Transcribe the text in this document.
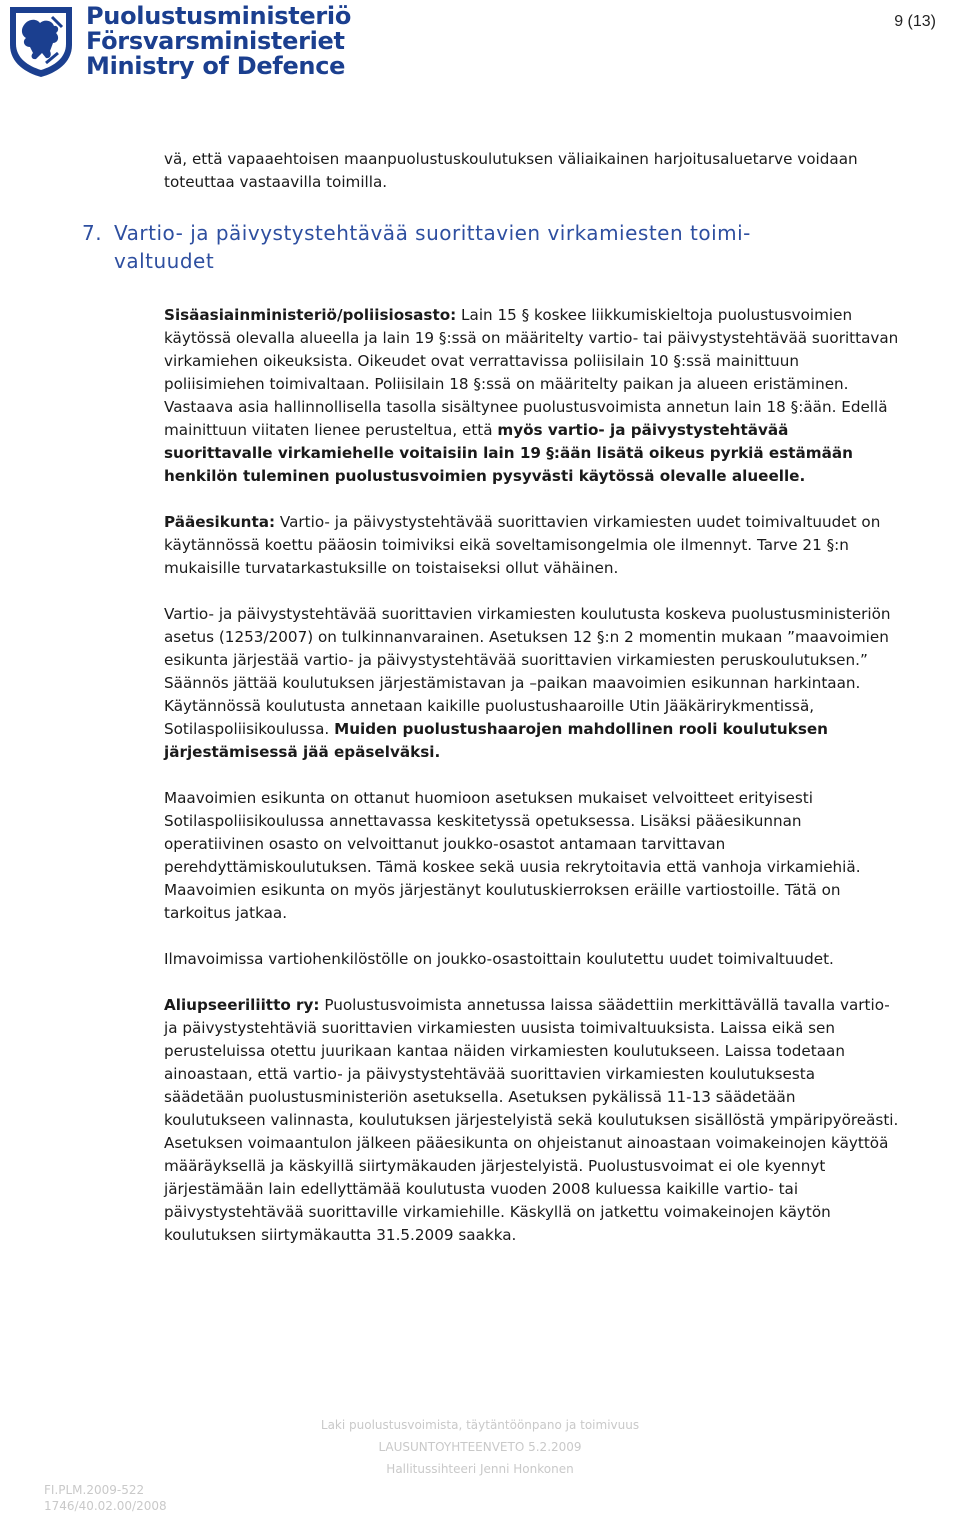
Puolustusministeriö
Försvarsministeriet
Ministry of Defence
9 (13)
7. Vartio- ja päivystystehtävää suorittavien virkamiesten toimi-
valtuudet

vä, että vapaaehtoisen maanpuolustuskoulutuksen väliaikainen harjoitusaluetarve voidaan toteuttaa vastaavilla toimilla.

Sisäasiainministeriö/poliisiosasto: Lain 15 § koskee liikkumiskieltoja puolustusvoimien käytössä olevalla alueella ja lain 19 §:ssä on määritelty vartio- tai päivystystehtävää suorittavan virkamiehen oikeuksista. Oikeudet ovat verrattavissa poliisilain 10 §:ssä mainittuun poliisimiehen toimivaltaan. Poliisilain 18 §:ssä on määritelty paikan ja alueen eristäminen. Vastaava asia hallinnollisella tasolla sisältynee puolustusvoimista annetun lain 18 §:ään. Edellä mainittuun viitaten lienee perusteltua, että myös vartio- ja päivystystehtävää suorittavalle virkamiehelle voitaisiin lain 19 §:ään lisätä oikeus pyrkiä estämään henkilön tuleminen puolustusvoimien pysyvästi käytössä olevalle alueelle.

Pääesikunta: Vartio- ja päivystystehtävää suorittavien virkamiesten uudet toimivaltuudet on käytännössä koettu pääosin toimiviksi eikä soveltamisongelmia ole ilmennyt. Tarve 21 §:n mukaisille turvatarkastuksille on toistaiseksi ollut vähäinen.

Vartio- ja päivystystehtävää suorittavien virkamiesten koulutusta koskeva puolustusministeriön asetus (1253/2007) on tulkinnanvarainen. Asetuksen 12 §:n 2 momentin mukaan ”maavoimien esikunta järjestää vartio- ja päivystystehtävää suorittavien virkamiesten peruskoulutuksen.” Säännös jättää koulutuksen järjestämistavan ja –paikan maavoimien esikunnan harkintaan. Käytännössä koulutusta annetaan kaikille puolustushaaroille Utin Jääkärirykmentissä, Sotilaspoliisikoulussa. Muiden puolustushaarojen mahdollinen rooli koulutuksen järjestämisessä jää epäselväksi.

Maavoimien esikunta on ottanut huomioon asetuksen mukaiset velvoitteet erityisesti Sotilaspoliisikoulussa annettavassa keskitetyssä opetuksessa. Lisäksi pääesikunnan operatiivinen osasto on velvoittanut joukko-osastot antamaan tarvittavan perehdyttämiskoulutuksen. Tämä koskee sekä uusia rekrytoitavia että vanhoja virkamiehiä. Maavoimien esikunta on myös järjestänyt koulutuskierroksen eräille vartiostoille. Tätä on tarkoitus jatkaa.

Ilmavoimissa vartiohenkilöstölle on joukko-osastoittain koulutettu uudet toimivaltuudet.

Aliupseeriliitto ry: Puolustusvoimista annetussa laissa säädettiin merkittävällä tavalla vartio- ja päivystystehtäviä suorittavien virkamiesten uusista toimivaltuuksista. Laissa eikä sen perusteluissa otettu juurikaan kantaa näiden virkamiesten koulutukseen. Laissa todetaan ainoastaan, että vartio- ja päivystystehtävää suorittavien virkamiesten koulutuksesta säädetään puolustusministeriön asetuksella. Asetuksen pykälissä 11-13 säädetään koulutukseen valinnasta, koulutuksen järjestelyistä sekä koulutuksen sisällöstä ympäripyöreästi. Asetuksen voimaantulon jälkeen pääesikunta on ohjeistanut ainoastaan voimakeinojen käyttöä määräyksellä ja käskyillä siirtymäkauden järjestelyistä. Puolustusvoimat ei ole kyennyt järjestämään lain edellyttämää koulutusta vuoden 2008 kuluessa kaikille vartio- tai päivystystehtävää suorittaville virkamiehille. Käskyllä on jatkettu voimakeinojen käytön koulutuksen siirtymäkautta 31.5.2009 saakka.

Laki puolustusvoimista, täytäntöönpano ja toimivuus
LAUSUNTOYHTEENVETO 5.2.2009
Hallitussihteeri Jenni Honkonen
FI.PLM.2009-522
1746/40.02.00/2008
